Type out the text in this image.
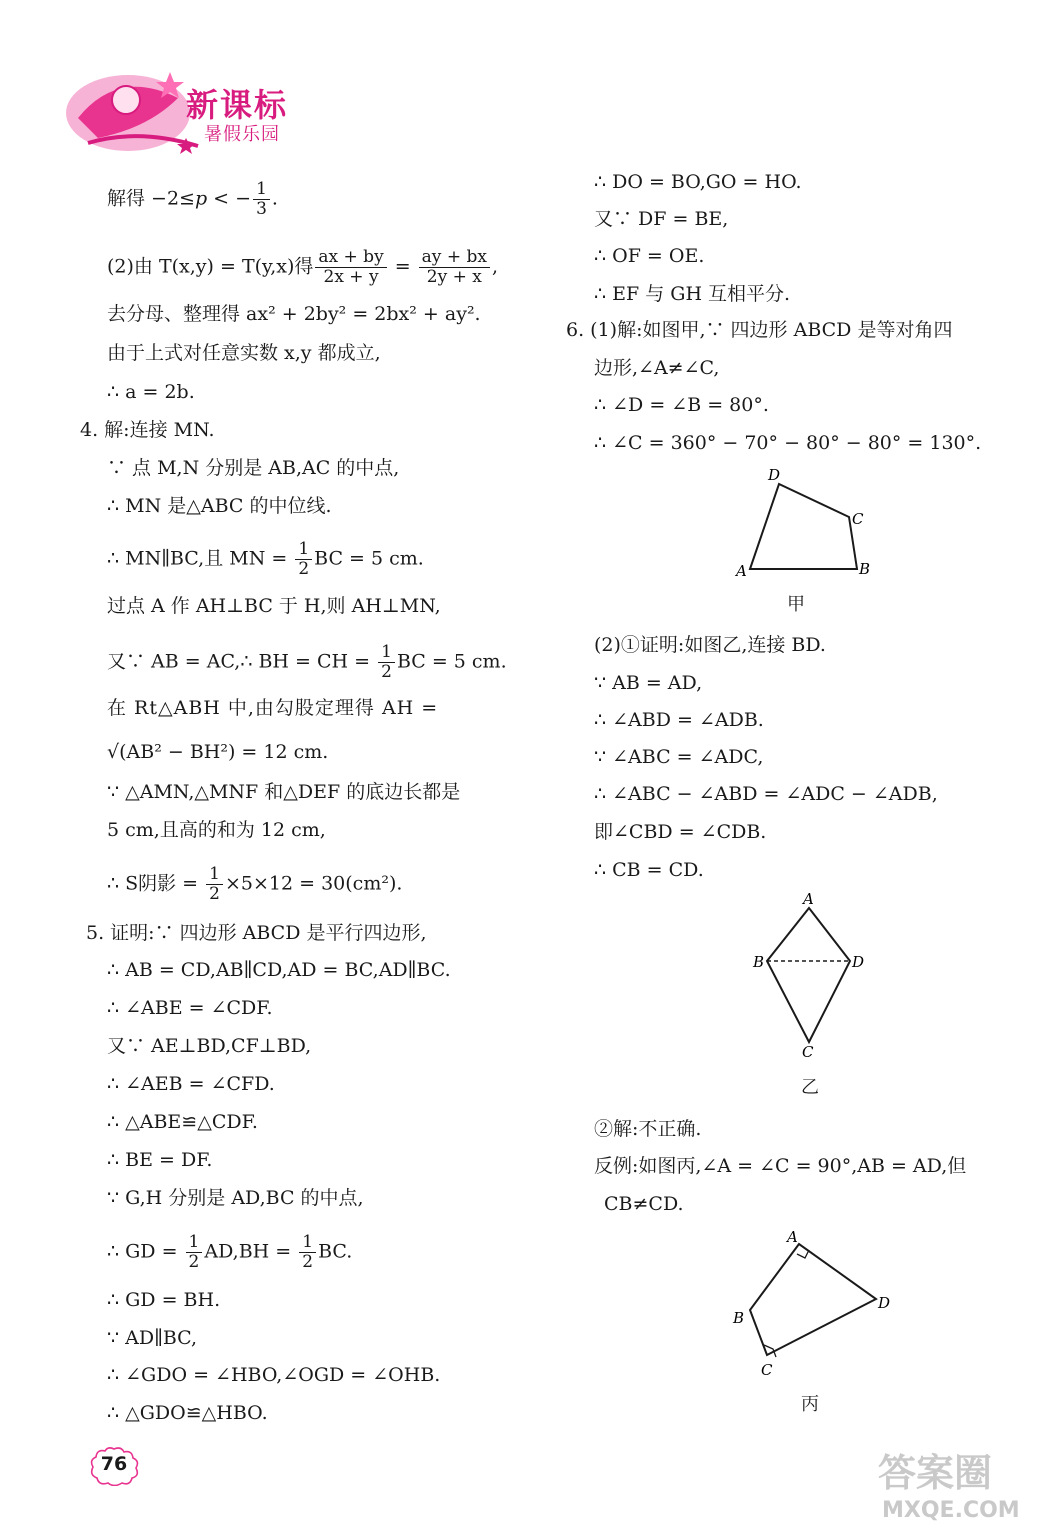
新课标
暑假乐园
解得 −2≤p < − $\frac{1}{3}$ .
(2)由 T(x,y) = T(y,x)得 $\frac{ax + by}{2x + y} = \frac{ay + bx}{2y + x}$ ,
去分母、整理得 ax² + 2by² = 2bx² + ay².
由于上式对任意实数 x,y 都成立,
∴ a = 2b.
4. 解:连接 MN.
∵ 点 M,N 分别是 AB,AC 的中点,
∴ MN 是△ABC 的中位线.
∴ MN∥BC,且 MN = $\frac{1}{2}$ BC = 5 cm.
过点 A 作 AH⊥BC 于 H,则 AH⊥MN,
又∵ AB = AC,∴ BH = CH = $\frac{1}{2}$ BC = 5 cm.
在 Rt△ABH 中,由勾股定理得 AH =
√(AB² − BH²) = 12 cm.
∵ △AMN,△MNF 和△DEF 的底边长都是
5 cm,且高的和为 12 cm,
∴ S阴影 = $\frac{1}{2} \times 5\times 12 = 30(cm^2)$.
5. 证明:∵ 四边形 ABCD 是平行四边形,
∴ AB = CD,AB∥CD,AD = BC,AD∥BC.
∴ ∠ABE = ∠CDF.
又∵ AE⊥BD,CF⊥BD,
∴ ∠AEB = ∠CFD.
∴ △ABE≌△CDF.
∴ BE = DF.
∵ G,H 分别是 AD,BC 的中点,
∴ GD = $\frac{1}{2} AD,BH = \frac{1}{2}$ BC.
∴ GD = BH.
∵ AD∥BC,
∴ ∠GDO = ∠HBO,∠OGD = ∠OHB.
∴ △GDO≌△HBO.
∴ DO = BO,GO = HO.
又∵ DF = BE,
∴ OF = OE.
∴ EF 与 GH 互相平分.
6. (1)解:如图甲,∵ 四边形 ABCD 是等对角四
边形,∠A≠∠C,
∴ ∠D = ∠B = 80°.
∴ ∠C = 360° − 70° − 80° − 80° = 130°.
A
D
C
B
甲
(2)①证明:如图乙,连接 BD.
∵ AB = AD,
∴ ∠ABD = ∠ADB.
∵ ∠ABC = ∠ADC,
∴ ∠ABC − ∠ABD = ∠ADC − ∠ADB,
即∠CBD = ∠CDB.
∴ CB = CD.
A
B	D
C
乙
②解:不正确.
反例:如图丙,∠A = ∠C = 90°,AB = AD,但
CB≠CD.
A
B
C
D
丙
76	答案圈
MXQE.COM
